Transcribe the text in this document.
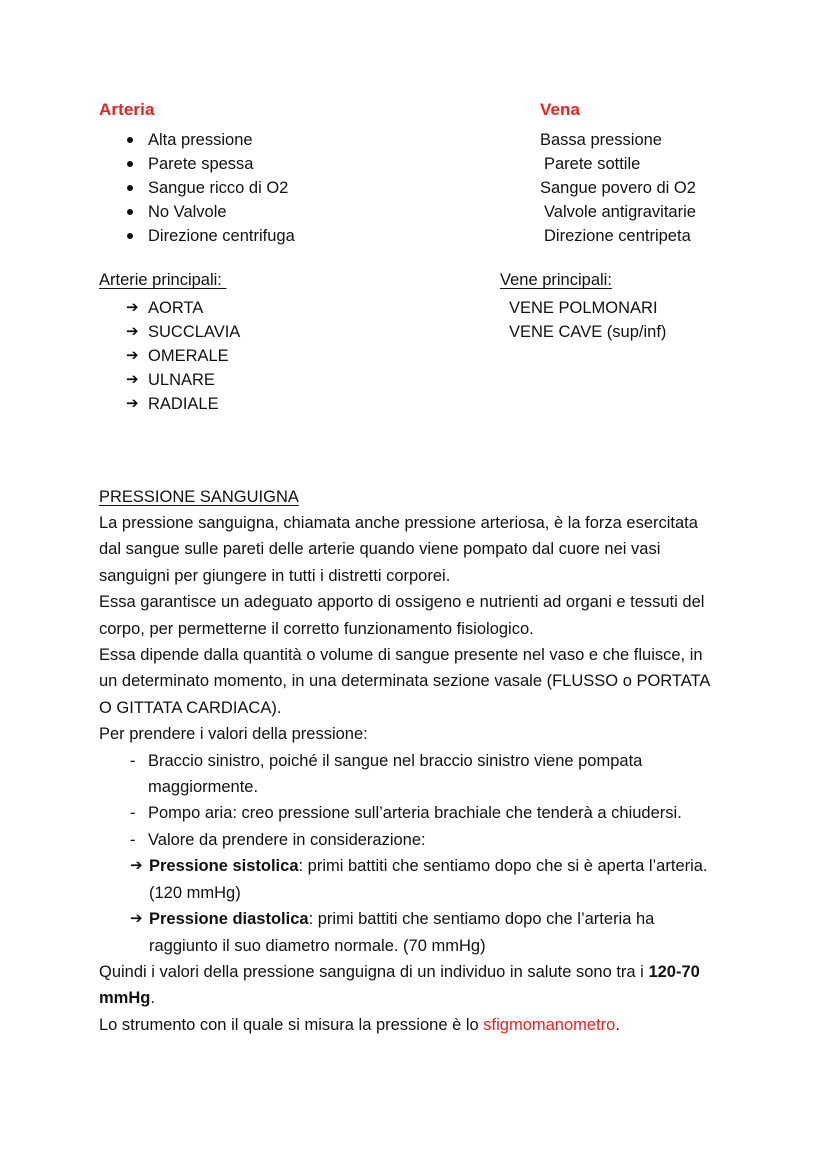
Arteria
Alta pressione
Parete spessa
Sangue ricco di O2
No Valvole
Direzione centrifuga
Vena
Bassa pressione
Parete sottile
Sangue povero di O2
Valvole antigravitarie
Direzione centripeta
Arterie principali:
➔ AORTA
➔ SUCCLAVIA
➔ OMERALE
➔ ULNARE
➔ RADIALE
Vene principali:
VENE POLMONARI
VENE CAVE (sup/inf)
PRESSIONE SANGUIGNA

La pressione sanguigna, chiamata anche pressione arteriosa, è la forza esercitata dal sangue sulle pareti delle arterie quando viene pompato dal cuore nei vasi sanguigni per giungere in tutti i distretti corporei.

Essa garantisce un adeguato apporto di ossigeno e nutrienti ad organi e tessuti del corpo, per permetterne il corretto funzionamento fisiologico.

Essa dipende dalla quantità o volume di sangue presente nel vaso e che fluisce, in un determinato momento, in una determinata sezione vasale (FLUSSO o PORTATA O GITTATA CARDIACA).

Per prendere i valori della pressione:

- Braccio sinistro, poiché il sangue nel braccio sinistro viene pompata maggiormente.
- Pompo aria: creo pressione sull’arteria brachiale che tenderà a chiudersi.
- Valore da prendere in considerazione:
➔ Pressione sistolica: primi battiti che sentiamo dopo che si è aperta l’arteria. (120 mmHg)
➔ Pressione diastolica: primi battiti che sentiamo dopo che l’arteria ha raggiunto il suo diametro normale. (70 mmHg)

Quindi i valori della pressione sanguigna di un individuo in salute sono tra i 120-70 mmHg.

Lo strumento con il quale si misura la pressione è lo sfigmomanometro.
